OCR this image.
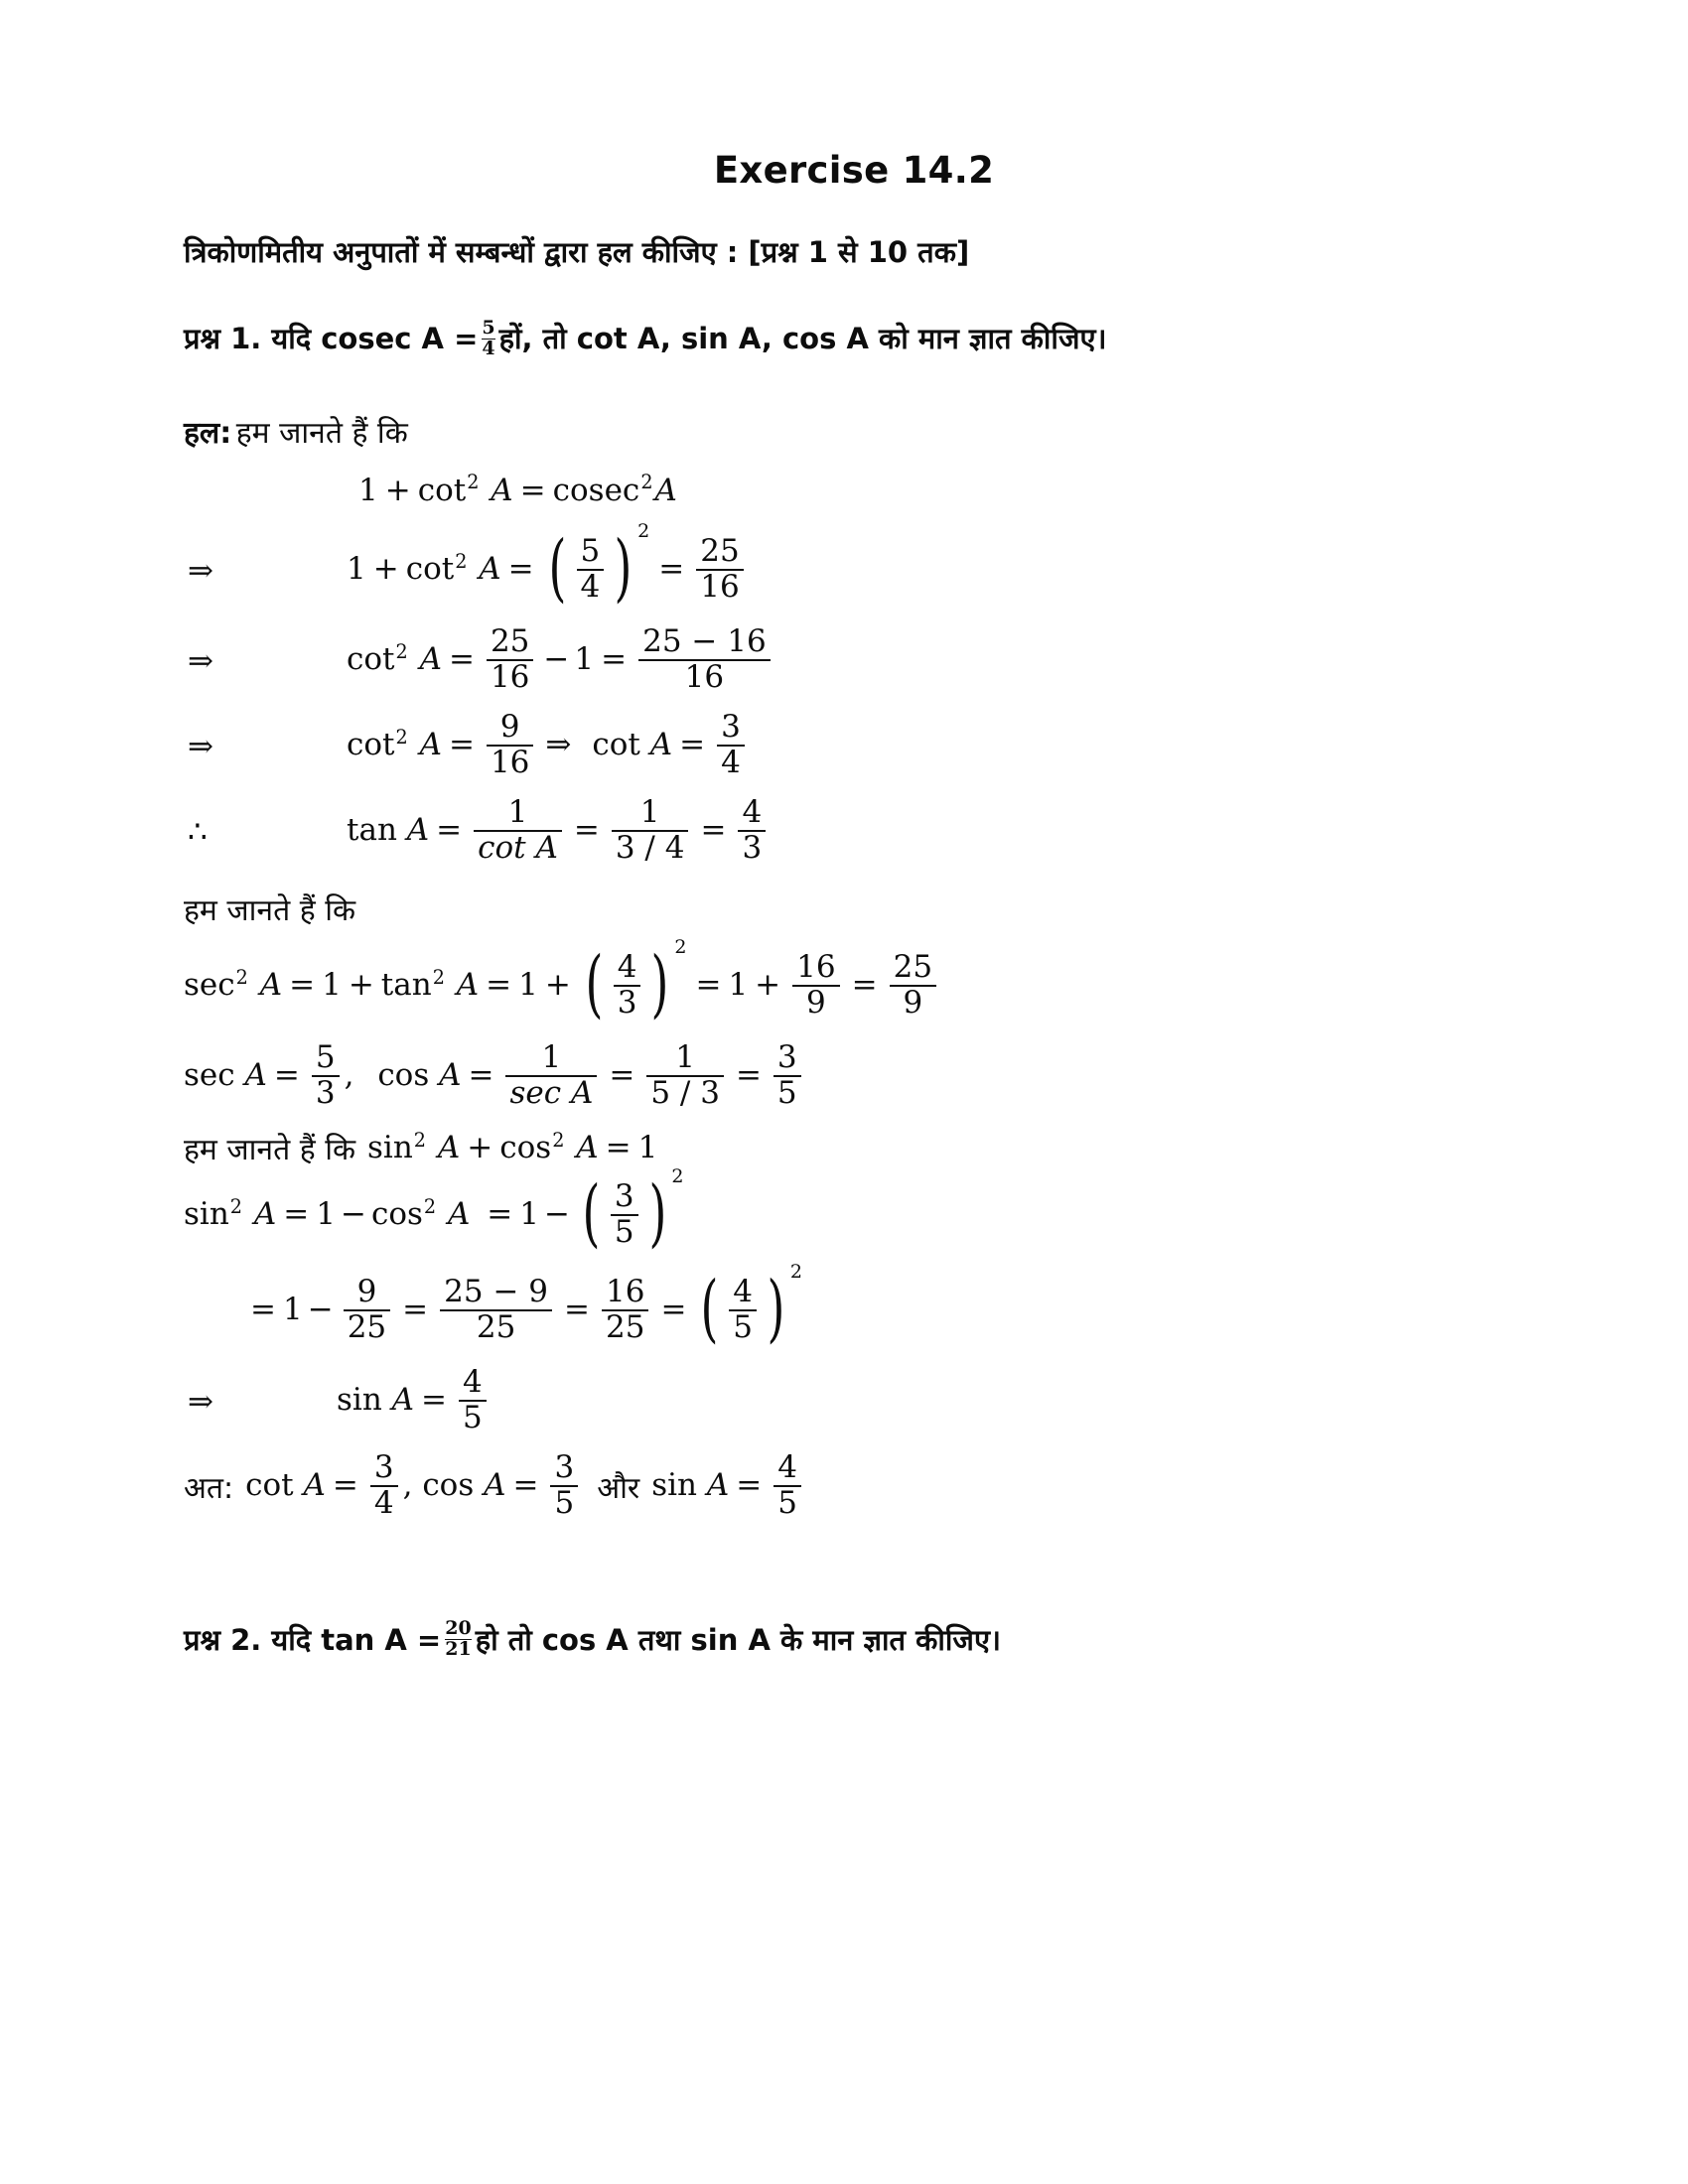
Exercise 14.2
त्रिकोणमितीय अनुपातों में सम्बन्धों द्वारा हल कीजिए : [प्रश्न 1 से 10 तक]
प्रश्न 1. यदि cosec $A = \frac{5}{4}$ हों, तो cot A, sin A, cos A को मान ज्ञात कीजिए।
हल: हम जानते हैं कि
$1 + \cot^2 A = cosec^2A$
⇒	$1 + \cot^2 A$ = ( $\frac{5}{4}$ ) $^2= \frac{25}{16}$
⇒	$\cot^2 A = \frac{25}{16} - 1 = \frac{25 - 16}{16}$
⇒	$\cot^2 A = \frac{9}{16}$ ⇒ $\cot A = \frac{3}{4}$
∴	$\tan A = \frac{1}{\text{cot A}} = \frac{1}{3 / 4} = \frac{4}{3}$
हम जानते हैं कि
$\sec^2 A = 1 + \tan^2 A = 1$ + ( $\frac{4}{3}$ ) $^2= 1 + \frac{16}{9} = \frac{25}{9}$
$\sec A = \frac{5}{3}$ , $\cos A = \frac{1}{\text{sec A}} = \frac{1}{5 / 3} = \frac{3}{5}$
हम जानते हैं कि $\sin^2 A + \cos^2 A = 1$
$\sin^2 A = 1 - \cos^2 A = 1$ − ( $\frac{3}{5}$ ) $^2$
= $1 - \frac{9}{25} = \frac{25 - 9}{25} = \frac{16}{25}$ = ( $\frac{4}{5}$ ) $^2$
⇒	$\sin A = \frac{4}{5}$
अत: $\cot A = \frac{3}{4}$ , $\cos A = \frac{3}{5}$ और $\sin A = \frac{4}{5}$
प्रश्न 2. यदि $\tan A = \frac{20}{21}$ हो तो cos A तथा sin A के मान ज्ञात कीजिए।
